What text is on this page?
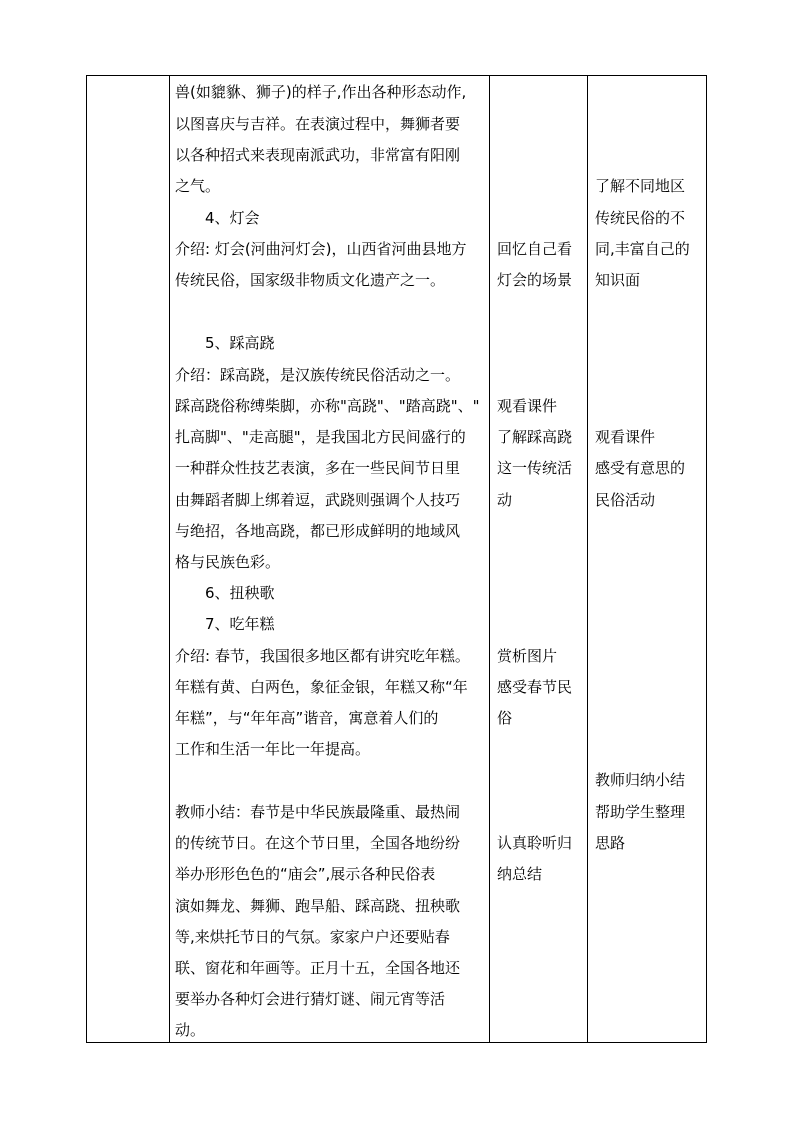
兽(如貔貅、狮子)的样子,作出各种形态动作,
以图喜庆与吉祥。在表演过程中，舞狮者要
以各种招式来表现南派武功，非常富有阳刚
之气。
4、灯会
介绍: 灯会(河曲河灯会)，山西省河曲县地方
传统民俗，国家级非物质文化遗产之一。
5、踩高跷
介绍：踩高跷，是汉族传统民俗活动之一。
踩高跷俗称缚柴脚，亦称"高跷"、"踏高跷"、"
扎高脚"、"走高腿"，是我国北方民间盛行的
一种群众性技艺表演，多在一些民间节日里
由舞蹈者脚上绑着逗，武跷则强调个人技巧
与绝招，各地高跷，都已形成鲜明的地域风
格与民族色彩。
6、扭秧歌
7、吃年糕
介绍: 春节，我国很多地区都有讲究吃年糕。
年糕有黄、白两色，象征金银，年糕又称“年
年糕”，与“年年高”谐音，寓意着人们的
工作和生活一年比一年提高。
教师小结：春节是中华民族最隆重、最热闹
的传统节日。在这个节日里，全国各地纷纷
举办形形色色的“庙会”,展示各种民俗表
演如舞龙、舞狮、跑旱船、踩高跷、扭秧歌
等,来烘托节日的气氛。家家户户还要贴春
联、窗花和年画等。正月十五，全国各地还
要举办各种灯会进行猜灯谜、闹元宵等活
动。
回忆自己看
灯会的场景
观看课件
了解踩高跷
这一传统活
动
赏析图片
感受春节民
俗
认真聆听归
纳总结
了解不同地区
传统民俗的不
同,丰富自己的
知识面
观看课件
感受有意思的
民俗活动
教师归纳小结
帮助学生整理
思路
